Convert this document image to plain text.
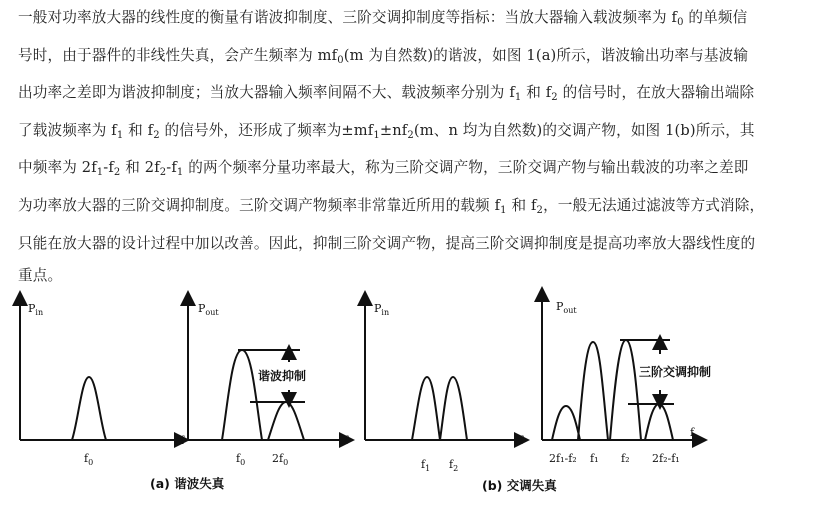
一般对功率放大器的线性度的衡量有谐波抑制度、三阶交调抑制度等指标：当放大器输入载波频率为 $f_0$ 的单频信
号时，由于器件的非线性失真，会产生频率为 $mf_0(m$ 为自然数)的谐波，如图 1(a)所示，谐波输出功率与基波输
出功率之差即为谐波抑制度；当放大器输入频率间隔不大、载波频率分别为 $f_1$ 和 $f_2$ 的信号时，在放大器输出端除
了载波频率为 $f_1$ 和 $f_2$ 的信号外，还形成了频率为$\pm mf_1\pm nf_2(m$、n 均为自然数)的交调产物，如图 1(b)所示，其
中频率为 $2f_1-f_2$ 和 $2f_2-f_1$ 的两个频率分量功率最大，称为三阶交调产物，三阶交调产物与输出载波的功率之差即
为功率放大器的三阶交调抑制度。三阶交调产物频率非常靠近所用的载频 $f_1$ 和 $f_2$，一般无法通过滤波等方式消除，
只能在放大器的设计过程中加以改善。因此，抑制三阶交调产物，提高三阶交调抑制度是提高功率放大器线性度的
重点。
$P_{in}$
f
$f_0$
$P_{out}$
f
谐波抑制
$f_0$ $2f_0$
$P_{in}$
f
$f_1$ $f_2$
$P_{out}$
f
三阶交调抑制
2f₁-f₂ f₁ f₂ 2f₂-f₁
(a) 谐波失真	(b) 交调失真
